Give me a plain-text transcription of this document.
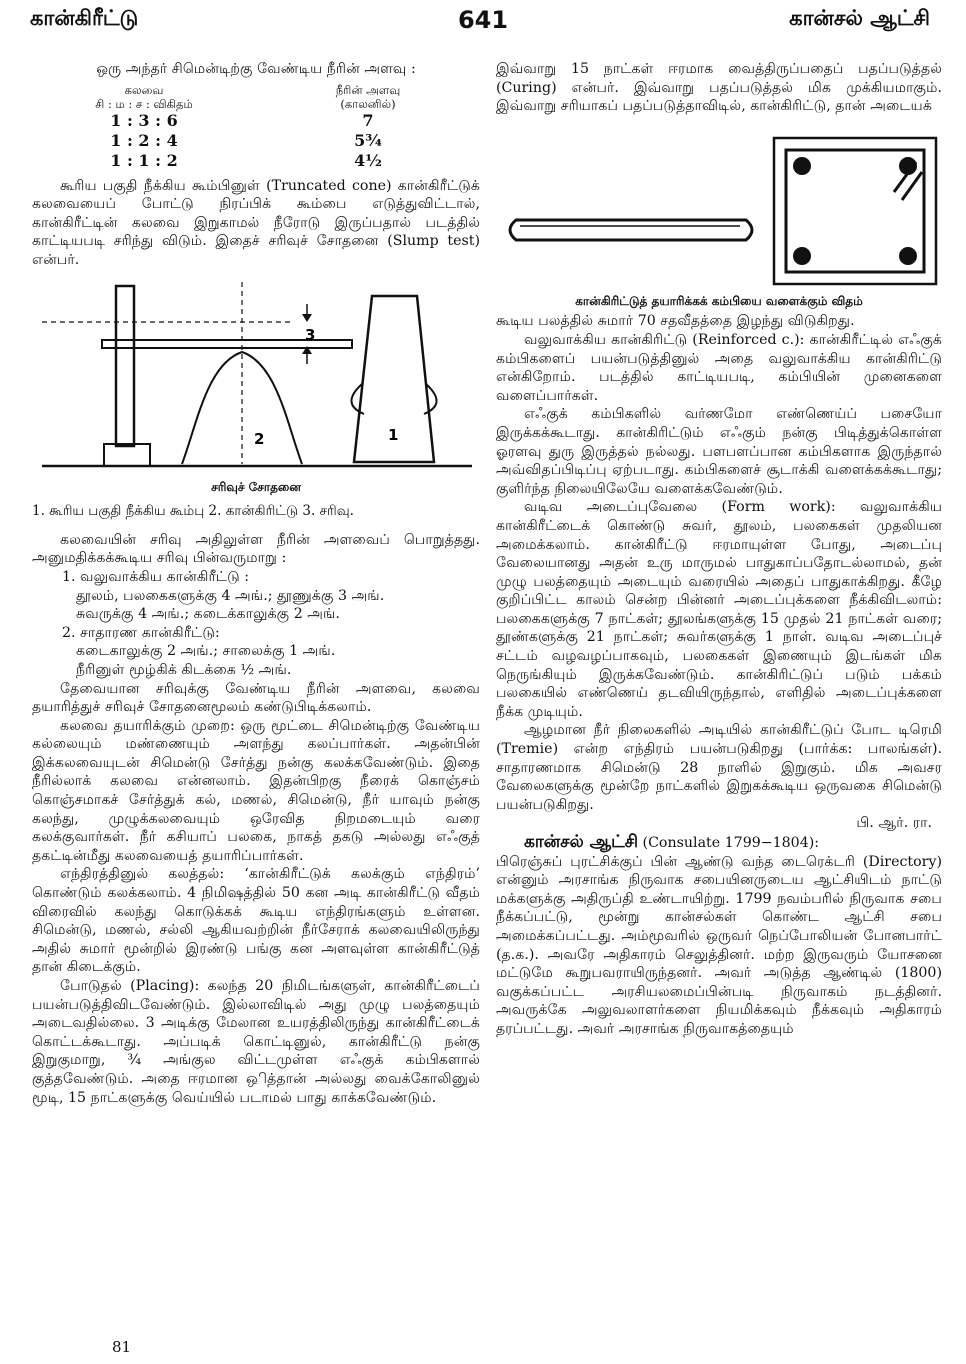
கான்கிரீட்டு	641	கான்சல் ஆட்சி

ஒரு அந்தர் சிமென்டிற்கு வேண்டிய நீரின் அளவு :

கலவை	நீரின் அளவு
சி : ம : ச : விகிதம்	(காலனில்)
1 : 3 : 6	7
1 : 2 : 4	5¾
1 : 1 : 2	4½

கூரிய பகுதி நீக்கிய கூம்பினுள் (Truncated cone) கான்கிரீட்டுக் கலவையைப் போட்டு நிரப்பிக் கூம்பை எடுத்துவிட்டால், கான்கிரீட்டின் கலவை இறுகாமல் நீரோடு இருப்பதால் படத்தில் காட்டியபடி சரிந்து விடும். இதைச் சரிவுச் சோதனை (Slump test) என்பர்.

3
2	1
சரிவுச் சோதனை

1. கூரிய பகுதி நீக்கிய கூம்பு 2. கான்கிரிட்டு 3. சரிவு.

கலவையின் சரிவு அதிலுள்ள நீரின் அளவைப் பொறுத்தது. அனுமதிக்கக்கூடிய சரிவு பின்வருமாறு :

1. வலுவாக்கிய கான்கிரீட்டு :

தூலம், பலகைகளுக்கு 4 அங்.; தூணுக்கு 3 அங்.

சுவருக்கு 4 அங்.; கடைக்காலுக்கு 2 அங்.

2. சாதாரண கான்கிரீட்டு:

கடைகாலுக்கு 2 அங்.; சாலைக்கு 1 அங்.

நீரினுள் மூழ்கிக் கிடக்கை ½ அங்.

தேவையான சரிவுக்கு வேண்டிய நீரின் அளவை, கலவை தயாரித்துச் சரிவுச் சோதனைமூலம் கண்டுபிடிக்கலாம்.

கலவை தயாரிக்கும் முறை: ஒரு மூட்டை சிமென்டிற்கு வேண்டிய கல்லையும் மண்ணையும் அளந்து கலப்பார்கள். அதன்பின் இக்கலவையுடன் சிமென்டு சேர்த்து நன்கு கலக்கவேண்டும். இதை நீரில்லாக் கலவை என்னலாம். இதன்பிறகு நீரைக் கொஞ்சம் கொஞ்சமாகச் சேர்த்துக் கல், மணல், சிமென்டு, நீர் யாவும் நன்கு கலந்து, முழுக்கலவையும் ஒரேவித நிறமடையும் வரை கலக்குவார்கள். நீர் கசியாப் பலகை, நாகத் தகடு அல்லது எஃகுத் தகட்டின்மீது கலவையைத் தயாரிப்பார்கள்.

எந்திரத்தினுல் கலத்தல்: ‘கான்கிரீட்டுக் கலக்கும் எந்திரம்’ கொண்டும் கலக்கலாம். 4 நிமிஷத்தில் 50 கன அடி கான்கிரீட்டு வீதம் விரைவில் கலந்து கொடுக்கக் கூடிய எந்திரங்களும் உள்ளன. சிமென்டு, மணல், சல்லி ஆகியவற்றின் நீர்சேராக் கலவையிலிருந்து அதில் சுமார் மூன்றில் இரண்டு பங்கு கன அளவுள்ள கான்கிரீட்டுத் தான் கிடைக்கும்.

போடுதல் (Placing): கலந்த 20 நிமிடங்களுள், கான்கிரீட்டைப் பயன்படுத்திவிடவேண்டும். இல்லாவிடில் அது முழு பலத்தையும் அடைவதில்லை. 3 அடிக்கு மேலான உயரத்திலிருந்து கான்கிரீட்டைக் கொட்டக்கூடாது. அப்படிக் கொட்டினுல், கான்கிரீட்டு நன்கு இறுகுமாறு, ¾ அங்குல விட்டமுள்ள எஃகுக் கம்பிகளால் குத்தவேண்டும். அதை ஈரமான ஒித்தான் அல்லது வைக்கோலினுல் மூடி, 15 நாட்களுக்கு வெய்யில் படாமல் பாது காக்கவேண்டும்.

இவ்வாறு 15 நாட்கள் ஈரமாக வைத்திருப்பதைப் பதப்படுத்தல் (Curing) என்பர். இவ்வாறு பதப்படுத்தல் மிக முக்கியமாகும். இவ்வாறு சரியாகப் பதப்படுத்தாவிடில், கான்கிரிட்டு, தான் அடையக்

கான்கிரிட்டுத் தயாரிக்கக் கம்பியை வளைக்கும் விதம்

கூடிய பலத்தில் சுமார் 70 சதவீதத்தை இழந்து விடுகிறது.

வலுவாக்கிய கான்கிரிட்டு (Reinforced c.): கான்கிரீட்டில் எஃகுக் கம்பிகளைப் பயன்படுத்தினுல் அதை வலுவாக்கிய கான்கிரிட்டு என்கிறோம். படத்தில் காட்டியபடி, கம்பியின் முனைகளை வளைப்பார்கள்.

எஃகுக் கம்பிகளில் வர்ணமோ எண்ணெய்ப் பசையோ இருக்கக்கூடாது. கான்கிரிட்டும் எஃகும் நன்கு பிடித்துக்கொள்ள ஓரளவு துரு இருத்தல் நல்லது. பளபளப்பான கம்பிகளாக இருந்தால் அவ்விதப்பிடிப்பு ஏற்படாது. கம்பிகளைச் சூடாக்கி வளைக்கக்கூடாது; குளிர்ந்த நிலையிலேயே வளைக்கவேண்டும்.

வடிவ அடைப்புவேலை (Form work): வலுவாக்கிய கான்கிரீட்டைக் கொண்டு சுவர், தூலம், பலகைகள் முதலியன அமைக்கலாம். கான்கிரீட்டு ஈரமாயுள்ள போது, அடைப்பு வேலையானது அதன் உரு மாருமல் பாதுகாப்பதோடல்லாமல், தன் முழு பலத்தையும் அடையும் வரையில் அதைப் பாதுகாக்கிறது. கீழே குறிப்பிட்ட காலம் சென்ற பின்னர் அடைப்புக்களை நீக்கிவிடலாம்: பலகைகளுக்கு 7 நாட்கள்; தூலங்களுக்கு 15 முதல் 21 நாட்கள் வரை; தூண்களுக்கு 21 நாட்கள்; சுவர்களுக்கு 1 நாள். வடிவ அடைப்புச் சட்டம் வழவழப்பாகவும், பலகைகள் இணையும் இடங்கள் மிக நெருங்கியும் இருக்கவேண்டும். கான்கிரிட்டுப் படும் பக்கம் பலகையில் எண்ணெய் தடவியிருந்தால், எளிதில் அடைப்புக்களை நீக்க முடியும்.

ஆழமான நீர் நிலைகளில் அடியில் கான்கிரீட்டுப் போட டிரெமி (Tremie) என்ற எந்திரம் பயன்படுகிறது (பார்க்க: பாலங்கள்). சாதாரணமாக சிமென்டு 28 நாளில் இறுகும். மிக அவசர வேலைகளுக்கு மூன்றே நாட்களில் இறுகக்கூடிய ஒருவகை சிமென்டு பயன்படுகிறது.

பி. ஆர். ரா.

கான்சல் ஆட்சி (Consulate 1799−1804):

பிரெஞ்சுப் புரட்சிக்குப் பின் ஆண்டு வந்த டைரெக்டரி (Directory) என்னும் அரசாங்க நிருவாக சபையினருடைய ஆட்சியிடம் நாட்டு மக்களுக்கு அதிருப்தி உண்டாயிற்று. 1799 நவம்பரில் நிருவாக சபை நீக்கப்பட்டு, மூன்று கான்சல்கள் கொண்ட ஆட்சி சபை அமைக்கப்பட்டது. அம்மூவரில் ஒருவர் நெப்போலியன் போனபார்ட் (த.க.). அவரே அதிகாரம் செலுத்தினர். மற்ற இருவரும் யோசனை மட்டுமே கூறுபவராயிருந்தனர். அவர் அடுத்த ஆண்டில் (1800) வகுக்கப்பட்ட அரசியலமைப்பின்படி நிருவாகம் நடத்தினர். அவருக்கே அலுவலாளர்களை நியமிக்கவும் நீக்கவும் அதிகாரம் தரப்பட்டது. அவர் அரசாங்க நிருவாகத்தையும்

81
